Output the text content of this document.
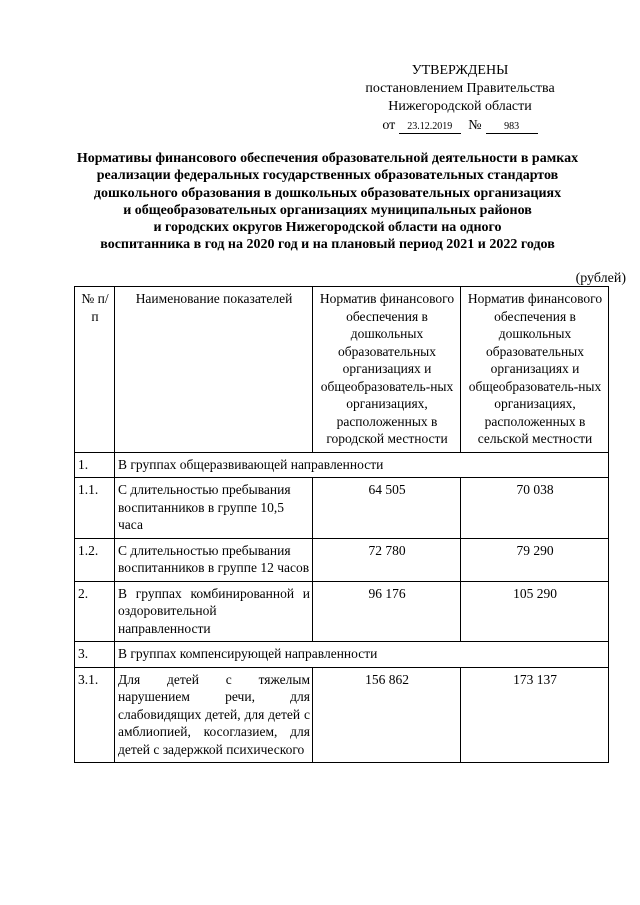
УТВЕРЖДЕНЫ
постановлением Правительства
Нижегородской области
от 23.12.2019 № 983
Нормативы финансового обеспечения образовательной деятельности в рамках
реализации федеральных государственных образовательных стандартов
дошкольного образования в дошкольных образовательных организациях
и общеобразовательных организациях муниципальных районов
и городских округов Нижегородской области на одного
воспитанника в год на 2020 год и на плановый период 2021 и 2022 годов
(рублей)
№ п/п	Наименование показателей	Норматив финансового обеспечения в дошкольных образовательных организациях и общеобразователь-ных организациях, расположенных в городской местности	Норматив финансового обеспечения в дошкольных образовательных организациях и общеобразователь-ных организациях, расположенных в сельской местности
1.	В группах общеразвивающей направленности		
1.1.	С длительностью пребывания воспитанников в группе 10,5 часа	64 505	70 038
1.2.	С длительностью пребывания воспитанников в группе 12 часов	72 780	79 290
2.	В группах комбинированной и оздоровительной направленности	96 176	105 290
3.	В группах компенсирующей направленности		
3.1.	Для детей с тяжелым нарушением речи, для слабовидящих детей, для детей с амблиопией, косоглазием, для детей с задержкой психического	156 862	173 137
